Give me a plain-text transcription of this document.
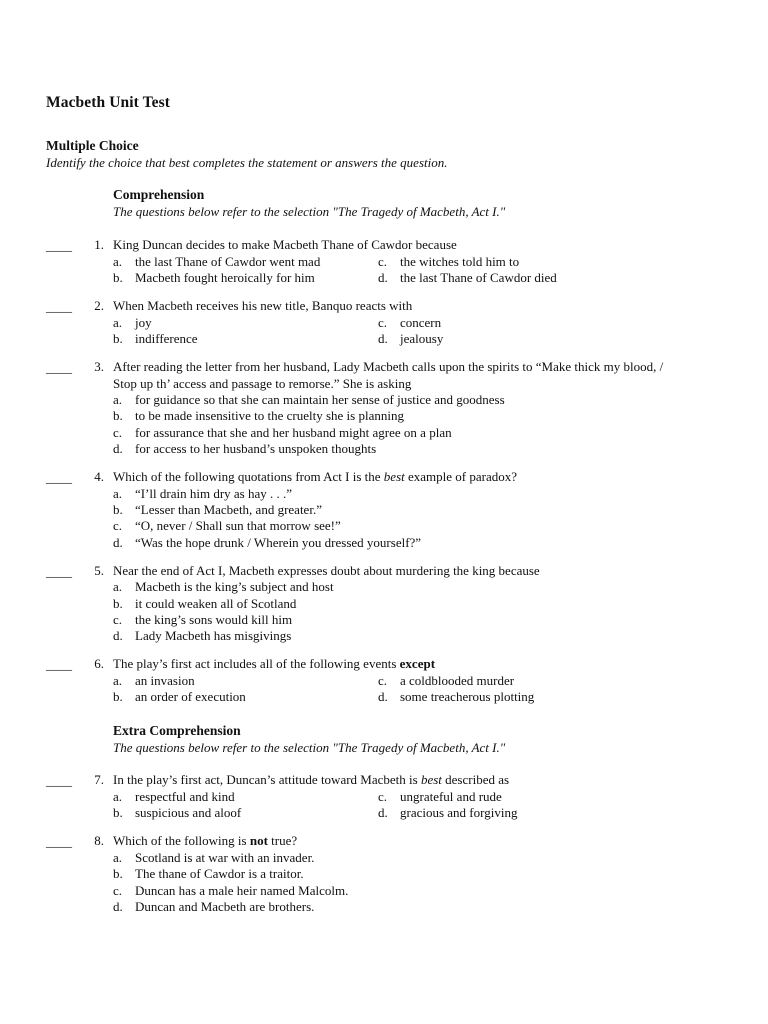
Macbeth Unit Test
Multiple Choice
Identify the choice that best completes the statement or answers the question.
Comprehension
The questions below refer to the selection "The Tragedy of Macbeth, Act I."
____	1. King Duncan decides to make Macbeth Thane of Cawdor because
a. the last Thane of Cawdor went mad	c. the witches told him to
b. Macbeth fought heroically for him	d. the last Thane of Cawdor died
____	2. When Macbeth receives his new title, Banquo reacts with
a. joy	c. concern
b. indifference	d. jealousy
____	3. After reading the letter from her husband, Lady Macbeth calls upon the spirits to “Make thick my blood, /
Stop up th’ access and passage to remorse.” She is asking
a. for guidance so that she can maintain her sense of justice and goodness
b. to be made insensitive to the cruelty she is planning
c. for assurance that she and her husband might agree on a plan
d. for access to her husband’s unspoken thoughts
____	4. Which of the following quotations from Act I is the best example of paradox?
a. “I’ll drain him dry as hay . . .”
b. “Lesser than Macbeth, and greater.”
c. “O, never / Shall sun that morrow see!”
d. “Was the hope drunk / Wherein you dressed yourself?”
____	5. Near the end of Act I, Macbeth expresses doubt about murdering the king because
a. Macbeth is the king’s subject and host
b. it could weaken all of Scotland
c. the king’s sons would kill him
d. Lady Macbeth has misgivings
____	6. The play’s first act includes all of the following events except
a. an invasion	c. a coldblooded murder
b. an order of execution	d. some treacherous plotting
Extra Comprehension
The questions below refer to the selection "The Tragedy of Macbeth, Act I."
____	7. In the play’s first act, Duncan’s attitude toward Macbeth is best described as
a. respectful and kind	c. ungrateful and rude
b. suspicious and aloof	d. gracious and forgiving
____	8. Which of the following is not true?
a. Scotland is at war with an invader.
b. The thane of Cawdor is a traitor.
c. Duncan has a male heir named Malcolm.
d. Duncan and Macbeth are brothers.
